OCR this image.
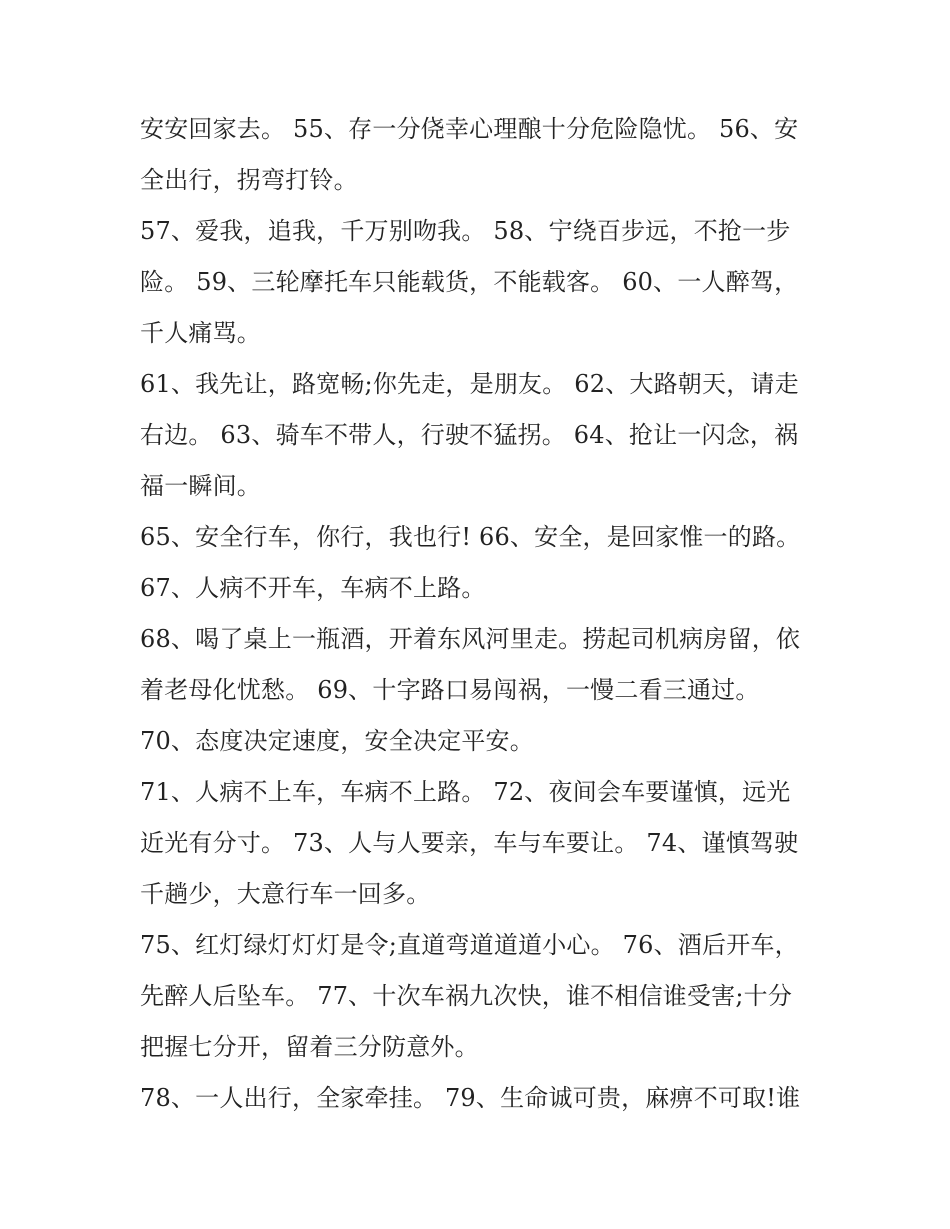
安安回家去。 55、存一分侥幸心理酿十分危险隐忧。 56、安
全出行，拐弯打铃。
57、爱我，追我，千万别吻我。 58、宁绕百步远，不抢一步
险。 59、三轮摩托车只能载货，不能载客。 60、一人醉驾，
千人痛骂。
61、我先让，路宽畅;你先走，是朋友。 62、大路朝天，请走
右边。 63、骑车不带人，行驶不猛拐。 64、抢让一闪念，祸
福一瞬间。
65、安全行车，你行，我也行! 66、安全，是回家惟一的路。
67、人病不开车，车病不上路。
68、喝了桌上一瓶酒，开着东风河里走。捞起司机病房留，依
着老母化忧愁。 69、十字路口易闯祸，一慢二看三通过。
70、态度决定速度，安全决定平安。
71、人病不上车，车病不上路。 72、夜间会车要谨慎，远光
近光有分寸。 73、人与人要亲，车与车要让。 74、谨慎驾驶
千趟少，大意行车一回多。
75、红灯绿灯灯灯是令;直道弯道道道小心。 76、酒后开车，
先醉人后坠车。 77、十次车祸九次快，谁不相信谁受害;十分
把握七分开，留着三分防意外。
78、一人出行，全家牵挂。 79、生命诚可贵，麻痹不可取!谁
